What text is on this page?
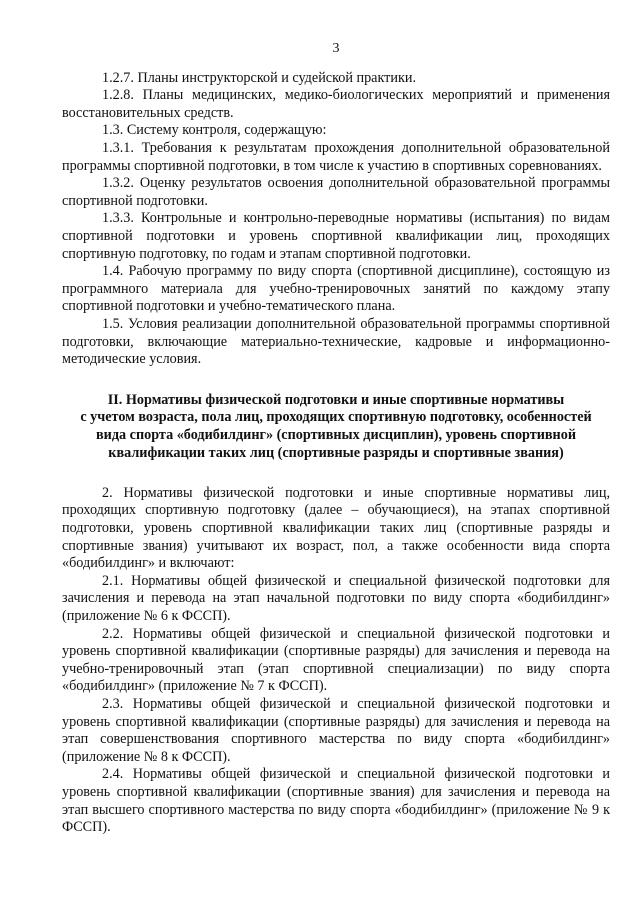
3

1.2.7. Планы инструкторской и судейской практики.

1.2.8. Планы медицинских, медико-биологических мероприятий и применения восстановительных средств.

1.3. Систему контроля, содержащую:

1.3.1. Требования к результатам прохождения дополнительной образовательной программы спортивной подготовки, в том числе к участию в спортивных соревнованиях.

1.3.2. Оценку результатов освоения дополнительной образовательной программы спортивной подготовки.

1.3.3. Контрольные и контрольно-переводные нормативы (испытания) по видам спортивной подготовки и уровень спортивной квалификации лиц, проходящих спортивную подготовку, по годам и этапам спортивной подготовки.

1.4. Рабочую программу по виду спорта (спортивной дисциплине), состоящую из программного материала для учебно-тренировочных занятий по каждому этапу спортивной подготовки и учебно-тематического плана.

1.5. Условия реализации дополнительной образовательной программы спортивной подготовки, включающие материально-технические, кадровые и информационно-методические условия.

II. Нормативы физической подготовки и иные спортивные нормативы
с учетом возраста, пола лиц, проходящих спортивную подготовку, особенностей
вида спорта «бодибилдинг» (спортивных дисциплин), уровень спортивной
квалификации таких лиц (спортивные разряды и спортивные звания)

2. Нормативы физической подготовки и иные спортивные нормативы лиц, проходящих спортивную подготовку (далее – обучающиеся), на этапах спортивной подготовки, уровень спортивной квалификации таких лиц (спортивные разряды и спортивные звания) учитывают их возраст, пол, а также особенности вида спорта «бодибилдинг» и включают:

2.1. Нормативы общей физической и специальной физической подготовки для зачисления и перевода на этап начальной подготовки по виду спорта «бодибилдинг» (приложение № 6 к ФССП).

2.2. Нормативы общей физической и специальной физической подготовки и уровень спортивной квалификации (спортивные разряды) для зачисления и перевода на учебно-тренировочный этап (этап спортивной специализации) по виду спорта «бодибилдинг» (приложение № 7 к ФССП).

2.3. Нормативы общей физической и специальной физической подготовки и уровень спортивной квалификации (спортивные разряды) для зачисления и перевода на этап совершенствования спортивного мастерства по виду спорта «бодибилдинг» (приложение № 8 к ФССП).

2.4. Нормативы общей физической и специальной физической подготовки и уровень спортивной квалификации (спортивные звания) для зачисления и перевода на этап высшего спортивного мастерства по виду спорта «бодибилдинг» (приложение № 9 к ФССП).
